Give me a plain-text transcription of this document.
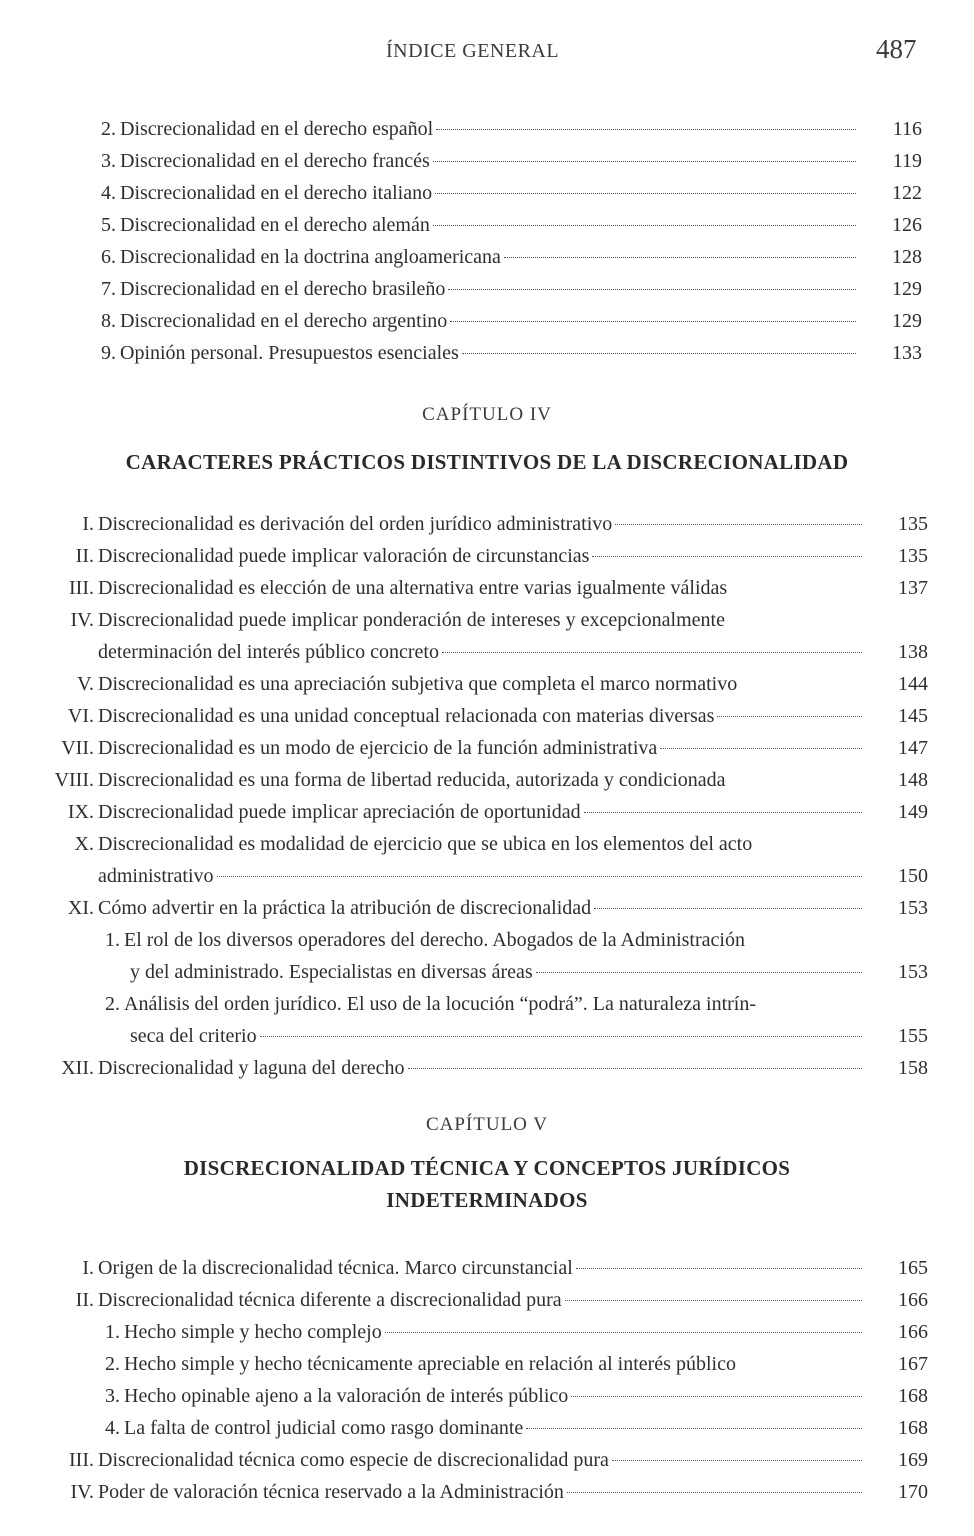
ÍNDICE GENERAL	487
2. Discrecionalidad en el derecho español	116
3. Discrecionalidad en el derecho francés	119
4. Discrecionalidad en el derecho italiano	122
5. Discrecionalidad en el derecho alemán	126
6. Discrecionalidad en la doctrina angloamericana	128
7. Discrecionalidad en el derecho brasileño	129
8. Discrecionalidad en el derecho argentino	129
9. Opinión personal. Presupuestos esenciales	133
CAPÍTULO IV
CARACTERES PRÁCTICOS DISTINTIVOS DE LA DISCRECIONALIDAD
I. Discrecionalidad es derivación del orden jurídico administrativo	135
II. Discrecionalidad puede implicar valoración de circunstancias	135
III. Discrecionalidad es elección de una alternativa entre varias igualmente válidas	137
IV. Discrecionalidad puede implicar ponderación de intereses y excepcionalmente
determinación del interés público concreto	138
V. Discrecionalidad es una apreciación subjetiva que completa el marco normativo	144
VI. Discrecionalidad es una unidad conceptual relacionada con materias diversas	145
VII. Discrecionalidad es un modo de ejercicio de la función administrativa	147
VIII. Discrecionalidad es una forma de libertad reducida, autorizada y condicionada	148
IX. Discrecionalidad puede implicar apreciación de oportunidad	149
X. Discrecionalidad es modalidad de ejercicio que se ubica en los elementos del acto
administrativo	150
XI. Cómo advertir en la práctica la atribución de discrecionalidad	153
1. El rol de los diversos operadores del derecho. Abogados de la Administración
y del administrado. Especialistas en diversas áreas	153
2. Análisis del orden jurídico. El uso de la locución “podrá”. La naturaleza intrín-
seca del criterio	155
XII. Discrecionalidad y laguna del derecho	158
CAPÍTULO V
DISCRECIONALIDAD TÉCNICA Y CONCEPTOS JURÍDICOS
INDETERMINADOS
I. Origen de la discrecionalidad técnica. Marco circunstancial	165
II. Discrecionalidad técnica diferente a discrecionalidad pura	166
1. Hecho simple y hecho complejo	166
2. Hecho simple y hecho técnicamente apreciable en relación al interés público	167
3. Hecho opinable ajeno a la valoración de interés público	168
4. La falta de control judicial como rasgo dominante	168
III. Discrecionalidad técnica como especie de discrecionalidad pura	169
IV. Poder de valoración técnica reservado a la Administración	170
